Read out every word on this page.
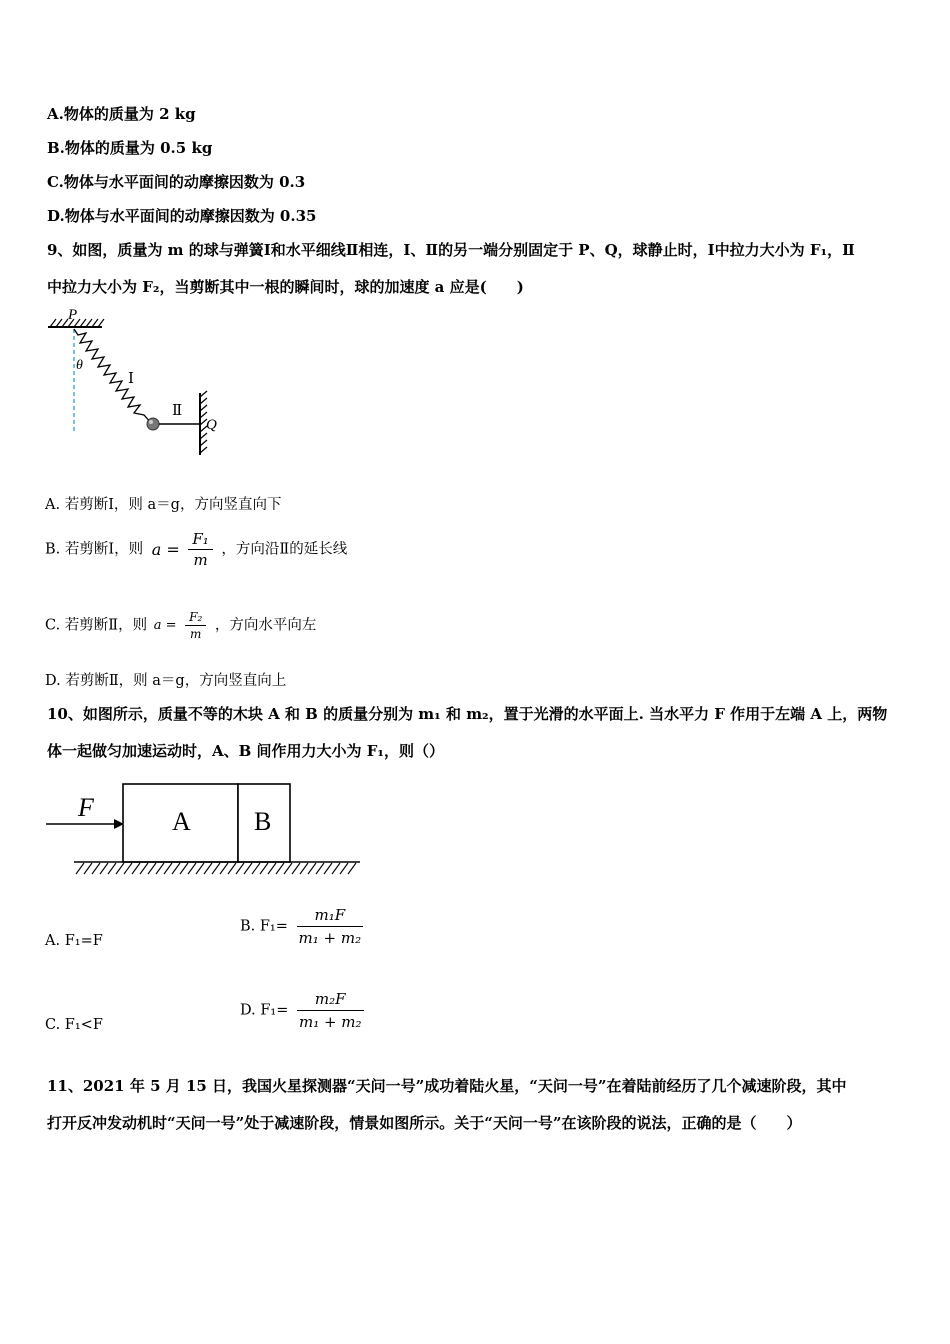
A.物体的质量为 2 kg
B.物体的质量为 0.5 kg
C.物体与水平面间的动摩擦因数为 0.3
D.物体与水平面间的动摩擦因数为 0.35
9、如图，质量为 m 的球与弹簧Ⅰ和水平细线Ⅱ相连，Ⅰ、Ⅱ的另一端分别固定于 P、Q，球静止时，Ⅰ中拉力大小为 F₁，Ⅱ
中拉力大小为 F₂，当剪断其中一根的瞬间时，球的加速度 a 应是(　　)
P
θ
Ⅰ
Ⅱ
Q
A. 若剪断Ⅰ，则 a＝g，方向竖直向下
B. 若剪断Ⅰ，则 $a = \frac{\text{F₁}}{m}$ ，方向沿Ⅱ的延长线
C. 若剪断Ⅱ，则 $a = \frac{\text{F₂}}{m}$ ，方向水平向左
D. 若剪断Ⅱ，则 a＝g，方向竖直向上
10、如图所示，质量不等的木块 A 和 B 的质量分别为 m₁ 和 m₂，置于光滑的水平面上. 当水平力 F 作用于左端 A 上，两物
体一起做匀加速运动时，A、B 间作用力大小为 F₁，则（）
F	A B
A. F₁=F
B. $F_1= \frac{\text{m₁F}}{\text{m₁ + m₂}}$
C. F₁<F
D. $F_1= \frac{\text{m₂F}}{\text{m₁ + m₂}}$
11、2021 年 5 月 15 日，我国火星探测器“天问一号”成功着陆火星，“天问一号”在着陆前经历了几个减速阶段，其中
打开反冲发动机时“天问一号”处于减速阶段，情景如图所示。关于“天问一号”在该阶段的说法，正确的是（　　）
